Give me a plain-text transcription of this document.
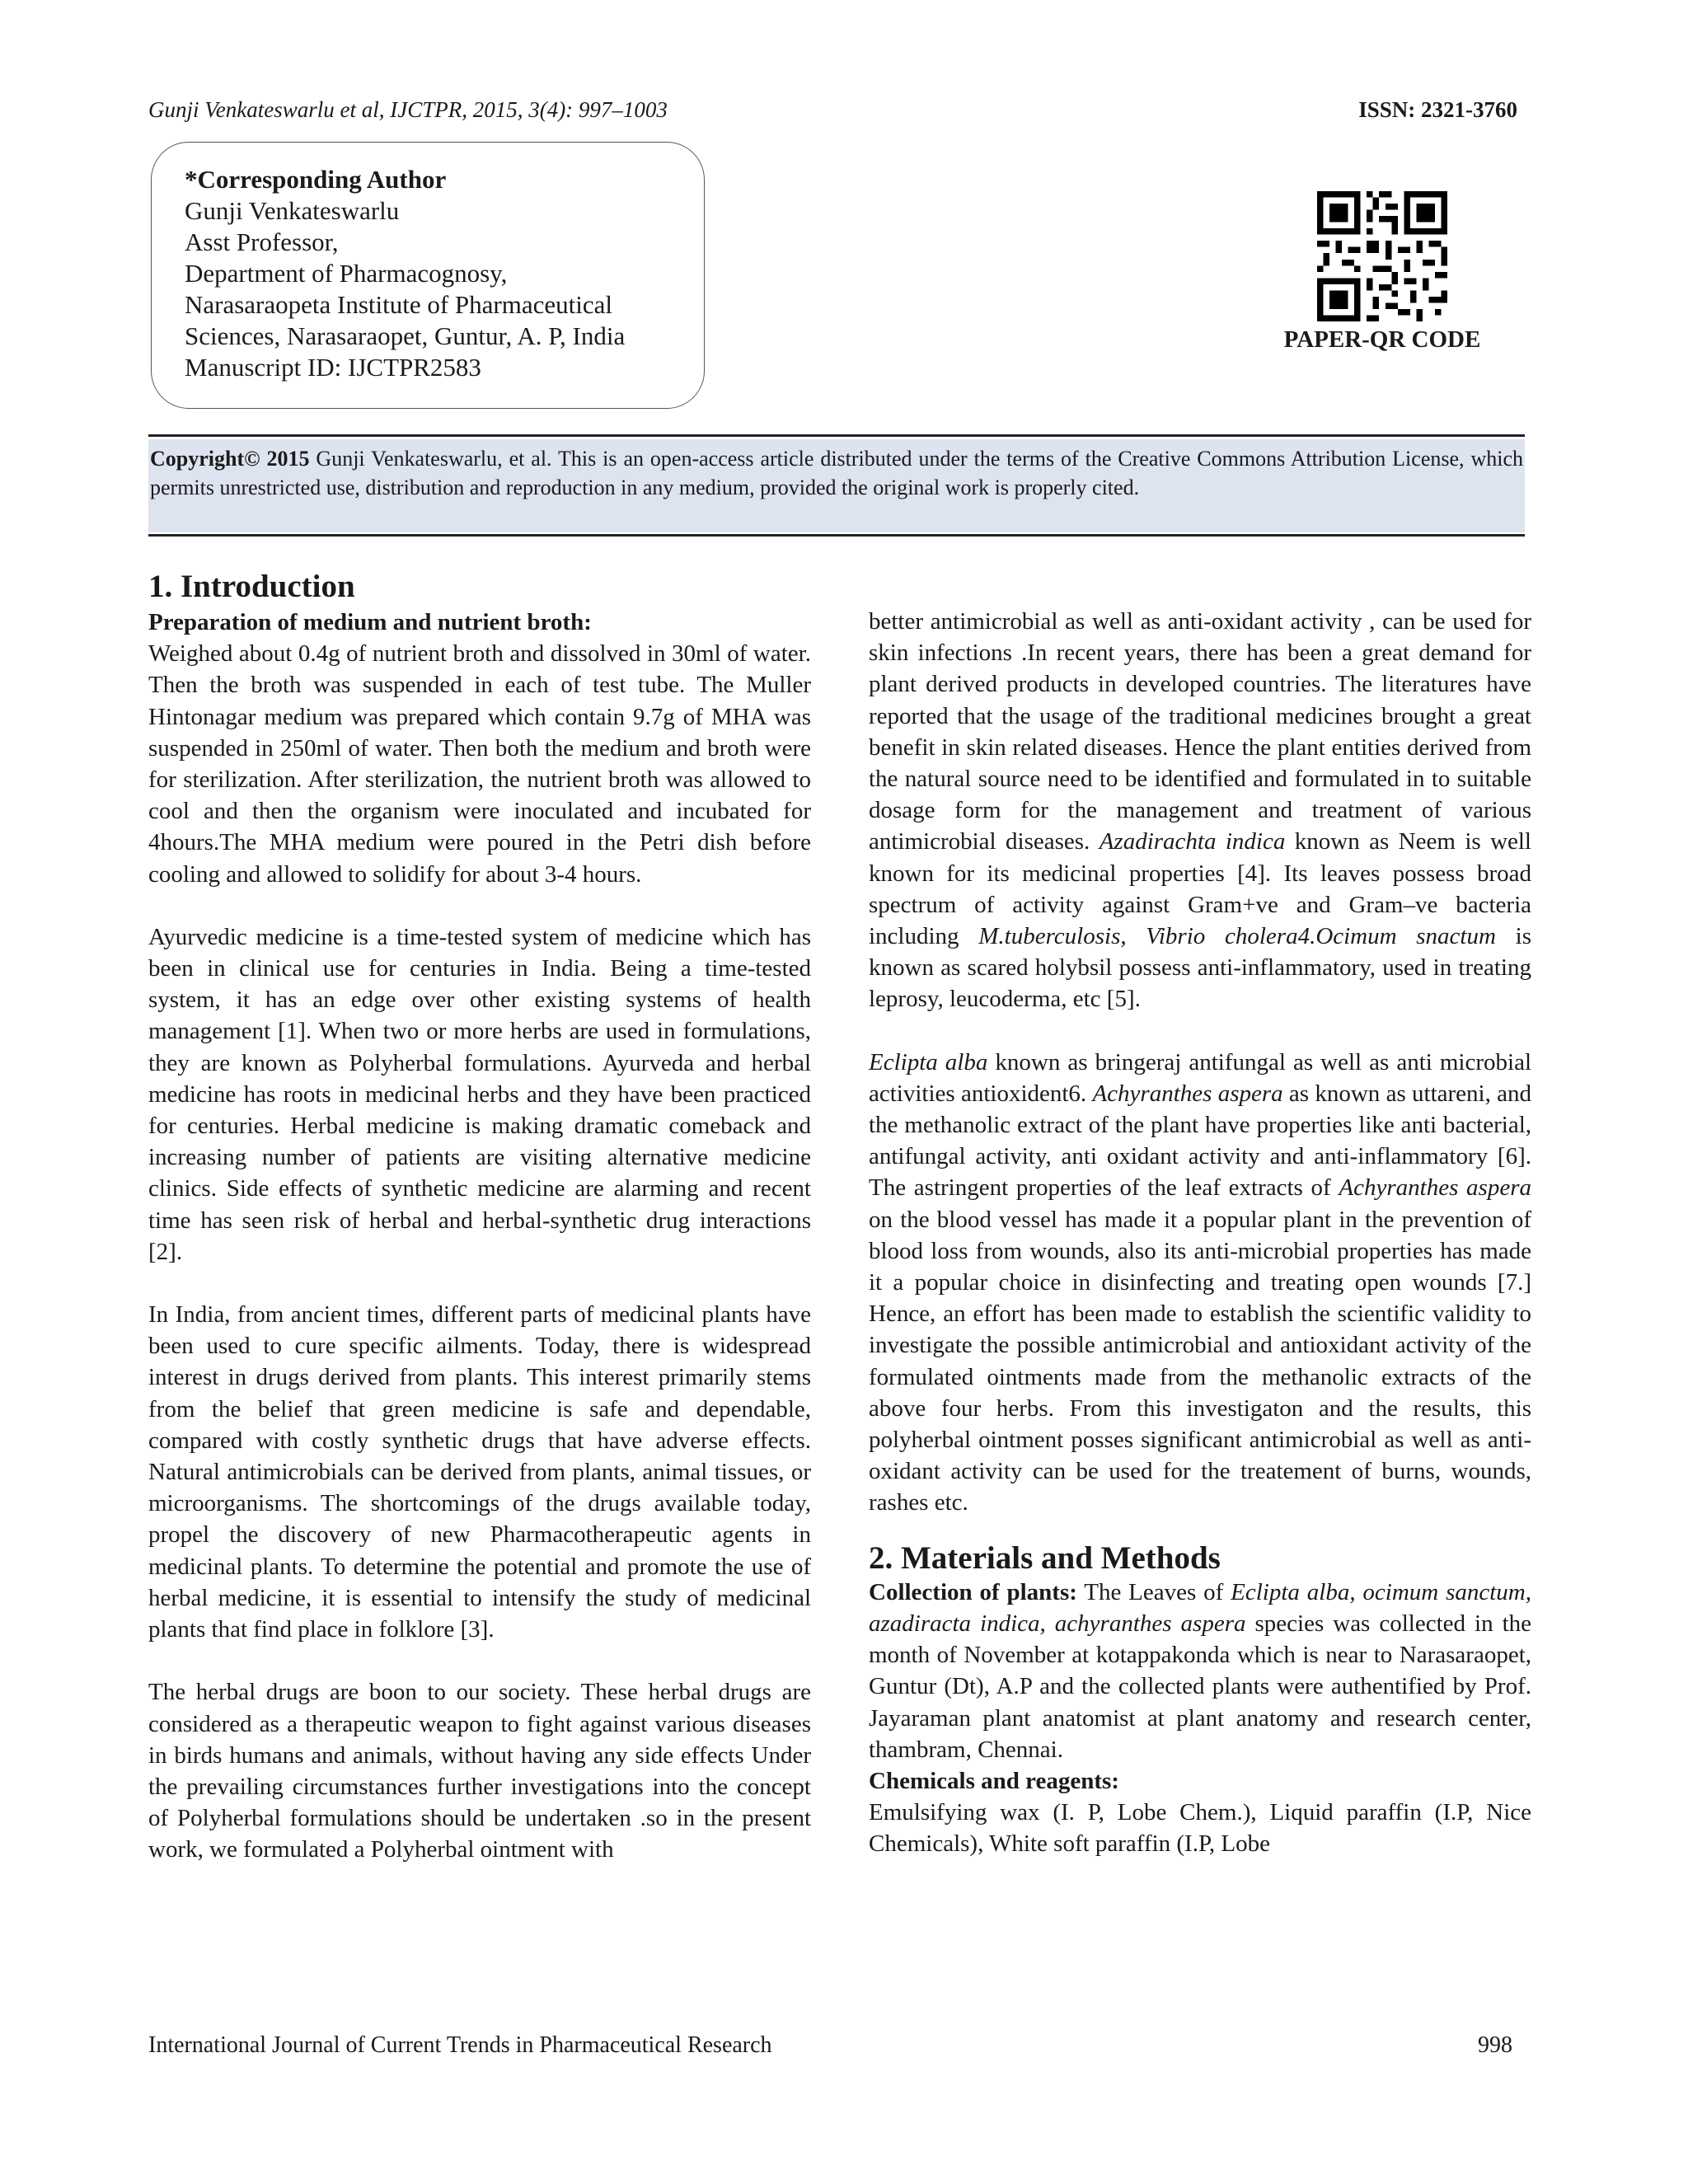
Gunji Venkateswarlu et al, IJCTPR, 2015, 3(4): 997–1003	ISSN: 2321-3760
*Corresponding Author
Gunji Venkateswarlu
Asst Professor,
Department of Pharmacognosy,
Narasaraopeta Institute of Pharmaceutical
Sciences, Narasaraopet, Guntur, A. P, India
Manuscript ID: IJCTPR2583
PAPER-QR CODE
Copyright© 2015 Gunji Venkateswarlu, et al. This is an open-access article distributed under the terms of the Creative Commons Attribution License, which permits unrestricted use, distribution and reproduction in any medium, provided the original work is properly cited.
1. Introduction

Preparation of medium and nutrient broth:

Weighed about 0.4g of nutrient broth and dissolved in 30ml of water. Then the broth was suspended in each of test tube. The Muller Hintonagar medium was prepared which contain 9.7g of MHA was suspended in 250ml of water. Then both the medium and broth were for sterilization. After sterilization, the nutrient broth was allowed to cool and then the organism were inoculated and incubated for 4hours.The MHA medium were poured in the Petri dish before cooling and allowed to solidify for about 3-4 hours.

Ayurvedic medicine is a time-tested system of medicine which has been in clinical use for centuries in India. Being a time-tested system, it has an edge over other existing systems of health management [1]. When two or more herbs are used in formulations, they are known as Polyherbal formulations. Ayurveda and herbal medicine has roots in medicinal herbs and they have been practiced for centuries. Herbal medicine is making dramatic comeback and increasing number of patients are visiting alternative medicine clinics. Side effects of synthetic medicine are alarming and recent time has seen risk of herbal and herbal-synthetic drug interactions [2].

In India, from ancient times, different parts of medicinal plants have been used to cure specific ailments. Today, there is widespread interest in drugs derived from plants. This interest primarily stems from the belief that green medicine is safe and dependable, compared with costly synthetic drugs that have adverse effects. Natural antimicrobials can be derived from plants, animal tissues, or microorganisms. The shortcomings of the drugs available today, propel the discovery of new Pharmacotherapeutic agents in medicinal plants. To determine the potential and promote the use of herbal medicine, it is essential to intensify the study of medicinal plants that find place in folklore [3].

The herbal drugs are boon to our society. These herbal drugs are considered as a therapeutic weapon to fight against various diseases in birds humans and animals, without having any side effects Under the prevailing circumstances further investigations into the concept of Polyherbal formulations should be undertaken .so in the present work, we formulated a Polyherbal ointment with

better antimicrobial as well as anti-oxidant activity , can be used for skin infections .In recent years, there has been a great demand for plant derived products in developed countries. The literatures have reported that the usage of the traditional medicines brought a great benefit in skin related diseases. Hence the plant entities derived from the natural source need to be identified and formulated in to suitable dosage form for the management and treatment of various antimicrobial diseases. Azadirachta indica known as Neem is well known for its medicinal properties [4]. Its leaves possess broad spectrum of activity against Gram+ve and Gram–ve bacteria including M.tuberculosis, Vibrio cholera4.Ocimum snactum is known as scared holybsil possess anti-inflammatory, used in treating leprosy, leucoderma, etc [5].

Eclipta alba known as bringeraj antifungal as well as anti microbial activities antioxident6. Achyranthes aspera as known as uttareni, and the methanolic extract of the plant have properties like anti bacterial, antifungal activity, anti oxidant activity and anti-inflammatory [6]. The astringent properties of the leaf extracts of Achyranthes aspera on the blood vessel has made it a popular plant in the prevention of blood loss from wounds, also its anti-microbial properties has made it a popular choice in disinfecting and treating open wounds [7.] Hence, an effort has been made to establish the scientific validity to investigate the possible antimicrobial and antioxidant activity of the formulated ointments made from the methanolic extracts of the above four herbs. From this investigaton and the results, this polyherbal ointment posses significant antimicrobial as well as anti-oxidant activity can be used for the treatement of burns, wounds, rashes etc.

2. Materials and Methods

Collection of plants: The Leaves of Eclipta alba, ocimum sanctum, azadiracta indica, achyranthes aspera species was collected in the month of November at kotappakonda which is near to Narasaraopet, Guntur (Dt), A.P and the collected plants were authentified by Prof. Jayaraman plant anatomist at plant anatomy and research center, thambram, Chennai.

Chemicals and reagents:

Emulsifying wax (I. P, Lobe Chem.), Liquid paraffin (I.P, Nice Chemicals), White soft paraffin (I.P, Lobe

International Journal of Current Trends in Pharmaceutical Research	998
